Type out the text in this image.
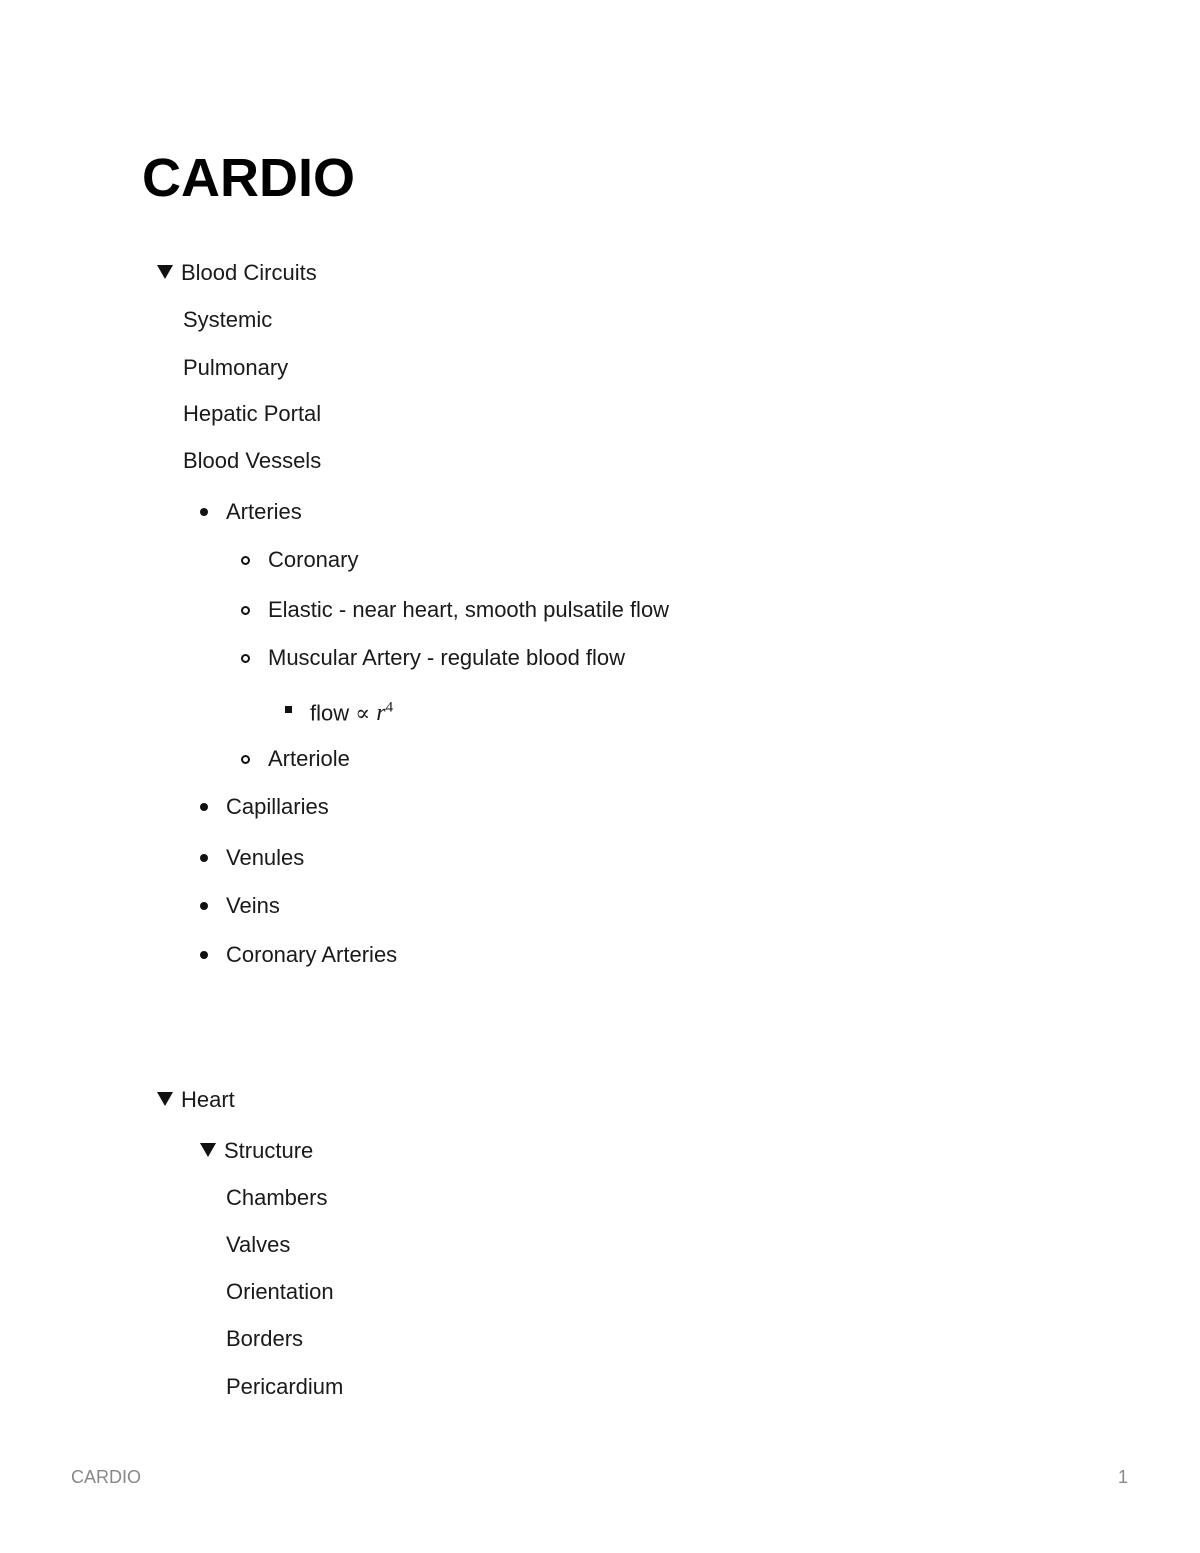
CARDIO
Blood Circuits
Systemic
Pulmonary
Hepatic Portal
Blood Vessels
Arteries
Coronary
Elastic - near heart, smooth pulsatile flow
Muscular Artery - regulate blood flow
flow ∝ $r^4$
Arteriole
Capillaries
Venules
Veins
Coronary Arteries
Heart
Structure
Chambers
Valves
Orientation
Borders
Pericardium
CARDIO	1
